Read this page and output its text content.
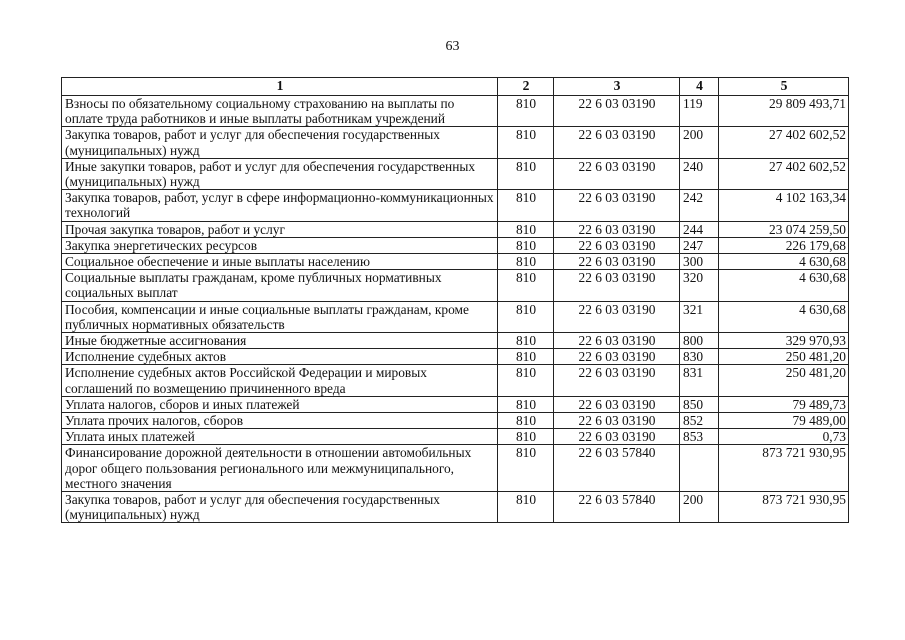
63
1	2	3	4	5
Взносы по обязательному социальному страхованию на выплаты по оплате труда работников и иные выплаты работникам учреждений	810	22 6 03 03190	119	29 809 493,71
Закупка товаров, работ и услуг для обеспечения государственных (муниципальных) нужд	810	22 6 03 03190	200	27 402 602,52
Иные закупки товаров, работ и услуг для обеспечения государственных (муниципальных) нужд	810	22 6 03 03190	240	27 402 602,52
Закупка товаров, работ, услуг в сфере информационно-коммуникационных технологий	810	22 6 03 03190	242	4 102 163,34
Прочая закупка товаров, работ и услуг	810	22 6 03 03190	244	23 074 259,50
Закупка энергетических ресурсов	810	22 6 03 03190	247	226 179,68
Социальное обеспечение и иные выплаты населению	810	22 6 03 03190	300	4 630,68
Социальные выплаты гражданам, кроме публичных нормативных социальных выплат	810	22 6 03 03190	320	4 630,68
Пособия, компенсации и иные социальные выплаты гражданам, кроме публичных нормативных обязательств	810	22 6 03 03190	321	4 630,68
Иные бюджетные ассигнования	810	22 6 03 03190	800	329 970,93
Исполнение судебных актов	810	22 6 03 03190	830	250 481,20
Исполнение судебных актов Российской Федерации и мировых соглашений по возмещению причиненного вреда	810	22 6 03 03190	831	250 481,20
Уплата налогов, сборов и иных платежей	810	22 6 03 03190	850	79 489,73
Уплата прочих налогов, сборов	810	22 6 03 03190	852	79 489,00
Уплата иных платежей	810	22 6 03 03190	853	0,73
Финансирование дорожной деятельности в отношении автомобильных дорог общего пользования регионального или межмуниципального, местного значения	810	22 6 03 57840		873 721 930,95
Закупка товаров, работ и услуг для обеспечения государственных (муниципальных) нужд	810	22 6 03 57840	200	873 721 930,95
